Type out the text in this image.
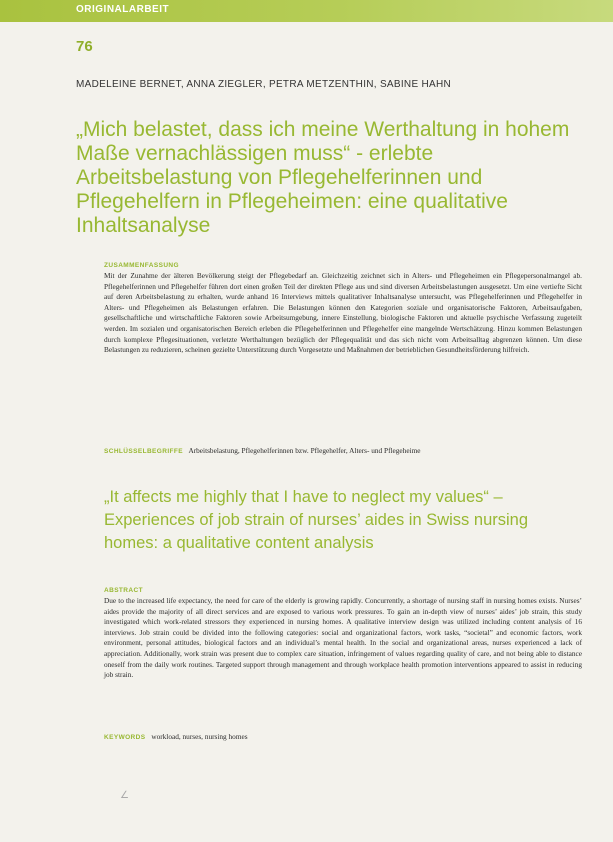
ORIGINALARBEIT
76
MADELEINE BERNET, ANNA ZIEGLER, PETRA METZENTHIN, SABINE HAHN
„Mich belastet, dass ich meine Werthaltung in hohem Maße vernachlässigen muss“ - erlebte Arbeitsbelastung von Pflegehelferinnen und Pflegehelfern in Pflegeheimen: eine qualitative Inhaltsanalyse
ZUSAMMENFASSUNG

Mit der Zunahme der älteren Bevölkerung steigt der Pflegebedarf an. Gleichzeitig zeichnet sich in Alters- und Pflegeheimen ein Pflegepersonalmangel ab. Pflegehelferinnen und Pflegehelfer führen dort einen großen Teil der direkten Pflege aus und sind diversen Arbeitsbelastungen ausgesetzt. Um eine vertiefte Sicht auf deren Arbeitsbelastung zu erhalten, wurde anhand 16 Interviews mittels qualitativer Inhaltsanalyse untersucht, was Pflegehelferinnen und Pflegehelfer in Alters- und Pflegeheimen als Belastungen erfahren. Die Belastungen können den Kategorien soziale und organisatorische Faktoren, Arbeitsaufgaben, gesellschaftliche und wirtschaftliche Faktoren sowie Arbeitsumgebung, innere Einstellung, biologische Faktoren und aktuelle psychische Verfassung zugeteilt werden. Im sozialen und organisatorischen Bereich erleben die Pflegehelferinnen und Pflegehelfer eine mangelnde Wertschätzung. Hinzu kommen Belastungen durch komplexe Pflegesituationen, verletzte Werthaltungen bezüglich der Pflegequalität und das sich nicht vom Arbeitsalltag abgrenzen können. Um diese Belastungen zu reduzieren, scheinen gezielte Unterstützung durch Vorgesetzte und Maßnahmen der betrieblichen Gesundheitsförderung hilfreich.

SCHLÜSSELBEGRIFFE Arbeitsbelastung, Pflegehelferinnen bzw. Pflegehelfer, Alters- und Pflegeheime
„It affects me highly that I have to neglect my values“ – Experiences of job strain of nurses’ aides in Swiss nursing homes: a qualitative content analysis
ABSTRACT

Due to the increased life expectancy, the need for care of the elderly is growing rapidly. Concurrently, a shortage of nursing staff in nursing homes exists. Nurses’ aides provide the majority of all direct services and are exposed to various work pressures. To gain an in-depth view of nurses’ aides’ job strain, this study investigated which work-related stressors they experienced in nursing homes. A qualitative interview design was utilized including content analysis of 16 interviews. Job strain could be divided into the following categories: social and organizational factors, work tasks, “societal” and economic factors, work environment, personal attitudes, biological factors and an individual’s mental health. In the social and organizational areas, nurses experienced a lack of appreciation. Additionally, work strain was present due to complex care situation, infringement of values regarding quality of care, and not being able to distance oneself from the daily work routines. Targeted support through management and through workplace health promotion interventions appeared to assist in reducing job strain.

KEYWORDS workload, nurses, nursing homes
∠
